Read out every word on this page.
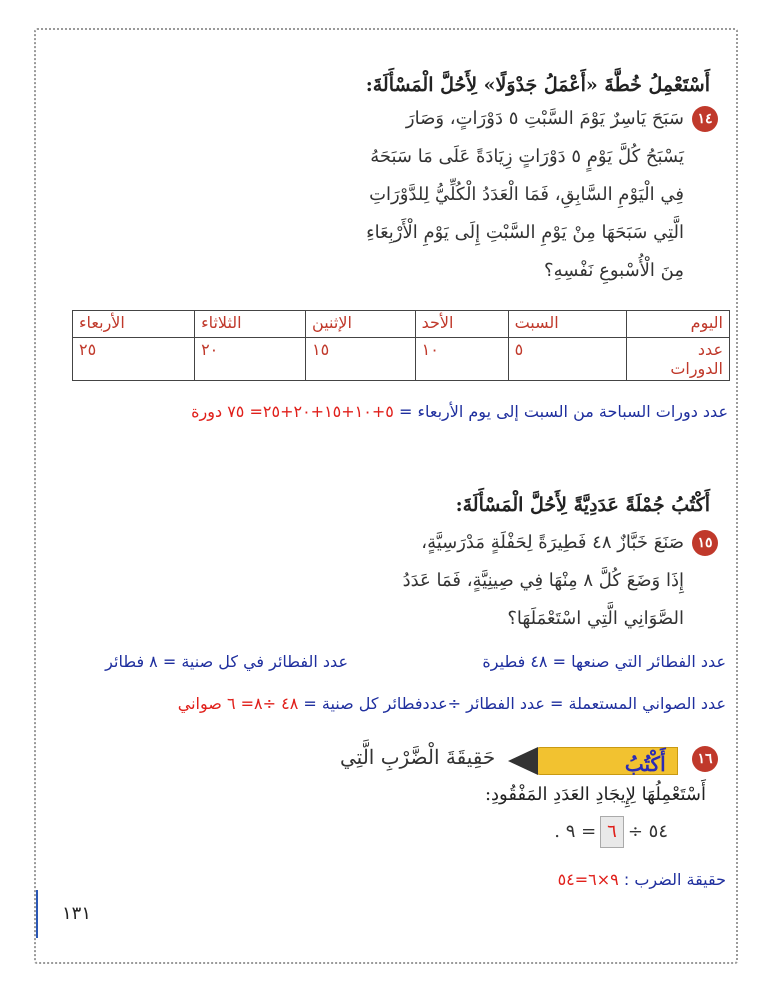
أَسْتَعْمِلُ خُطَّةَ «أَعْمَلُ جَدْوَلًا» لِأَحُلَّ الْمَسْأَلَةَ:
١٤سَبَحَ يَاسِرٌ يَوْمَ السَّبْتِ ٥ دَوْرَاتٍ، وَصَارَ
يَسْبَحُ كُلَّ يَوْمٍ ٥ دَوْرَاتٍ زِيَادَةً عَلَى مَا سَبَحَهُ
فِي الْيَوْمِ السَّابِقِ، فَمَا الْعَدَدُ الْكُلِّيُّ لِلدَّوْرَاتِ
الَّتِي سَبَحَهَا مِنْ يَوْمِ السَّبْتِ إِلَى يَوْمِ الْأَرْبِعَاءِ
مِنَ الْأُسْبوعِ نَفْسِهِ؟
اليوم	السبت	الأحد	الإثنين	الثلاثاء	الأربعاء

عدد
الدورات	٥	١٠	١٥	٢٠	٢٥
عدد دورات السباحة من السبت إلى يوم الأربعاء = ٥+١٠+١٥+٢٠+٢٥= ٧٥ دورة
أَكْتُبُ جُمْلَةً عَدَدِيَّةً لِأَحُلَّ الْمَسْأَلَةَ:
١٥صَنَعَ خَبَّازٌ ٤٨ فَطِيرَةً لِحَفْلَةٍ مَدْرَسِيَّةٍ،
إِذَا وَضَعَ كُلَّ ٨ مِنْهَا فِي صِينِيَّةٍ، فَمَا عَدَدُ
الصَّوَانِي الَّتِي اسْتَعْمَلَهَا؟
عدد الفطائر التي صنعها = ٤٨ فطيرة
عدد الفطائر في كل صنية = ٨ فطائر
عدد الصواني المستعملة = عدد الفطائر ÷عددفطائر كل صنية = ٤٨ ÷٨= ٦ صواني
١٦
أَكْتُبُ
حَقِيقَةَ الْضَّرْبِ الَّتِي
أَسْتَعْمِلُهَا لِإِيجَادِ العَدَدِ المَفْقُودِ:
٥٤ ÷٦= ٩ .
حقيقة الضرب : ٩×٦=٥٤
١٣١
